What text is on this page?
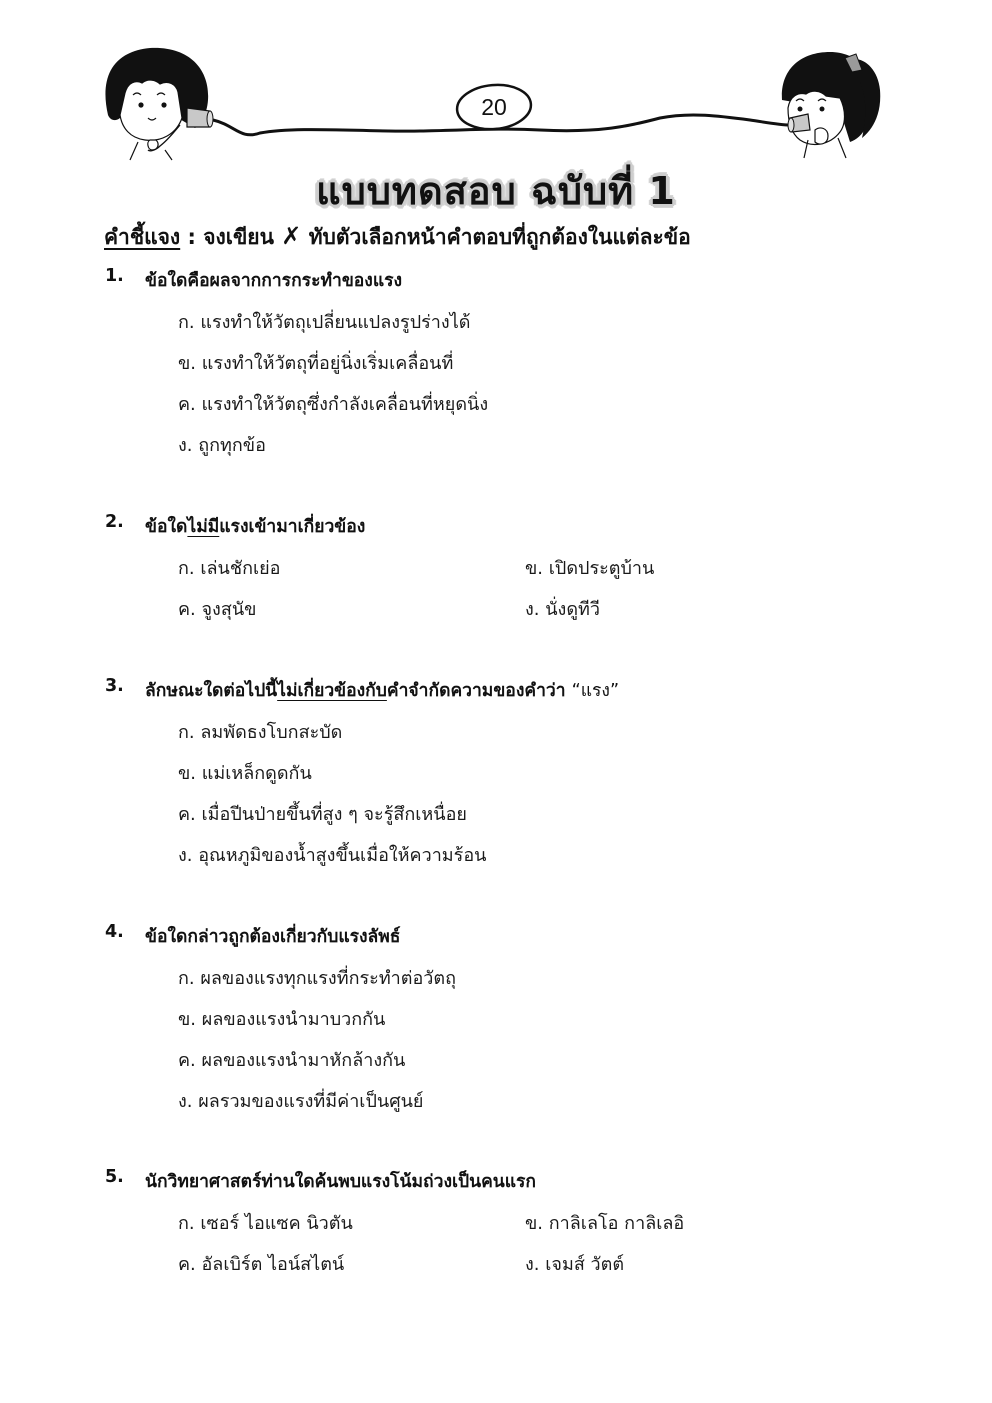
20
แบบทดสอบ ฉบับที่ 1
คำชี้แจง : จงเขียน ✗ ทับตัวเลือกหน้าคำตอบที่ถูกต้องในแต่ละข้อ
1. ข้อใดคือผลจากการกระทำของแรง
ก. แรงทำให้วัตถุเปลี่ยนแปลงรูปร่างได้
ข. แรงทำให้วัตถุที่อยู่นิ่งเริ่มเคลื่อนที่
ค. แรงทำให้วัตถุซึ่งกำลังเคลื่อนที่หยุดนิ่ง
ง. ถูกทุกข้อ
2. ข้อใดไม่มีแรงเข้ามาเกี่ยวข้อง
ก. เล่นชักเย่อ	ข. เปิดประตูบ้าน
ค. จูงสุนัข	ง. นั่งดูทีวี
3. ลักษณะใดต่อไปนี้ไม่เกี่ยวข้องกับคำจำกัดความของคำว่า “แรง”
ก. ลมพัดธงโบกสะบัด
ข. แม่เหล็กดูดกัน
ค. เมื่อปีนป่ายขึ้นที่สูง ๆ จะรู้สึกเหนื่อย
ง. อุณหภูมิของน้ำสูงขึ้นเมื่อให้ความร้อน
4. ข้อใดกล่าวถูกต้องเกี่ยวกับแรงลัพธ์
ก. ผลของแรงทุกแรงที่กระทำต่อวัตถุ
ข. ผลของแรงนำมาบวกกัน
ค. ผลของแรงนำมาหักล้างกัน
ง. ผลรวมของแรงที่มีค่าเป็นศูนย์
5. นักวิทยาศาสตร์ท่านใดค้นพบแรงโน้มถ่วงเป็นคนแรก
ก. เซอร์ ไอแซค นิวตัน	ข. กาลิเลโอ กาลิเลอิ
ค. อัลเบิร์ต ไอน์สไตน์	ง. เจมส์ วัตต์
